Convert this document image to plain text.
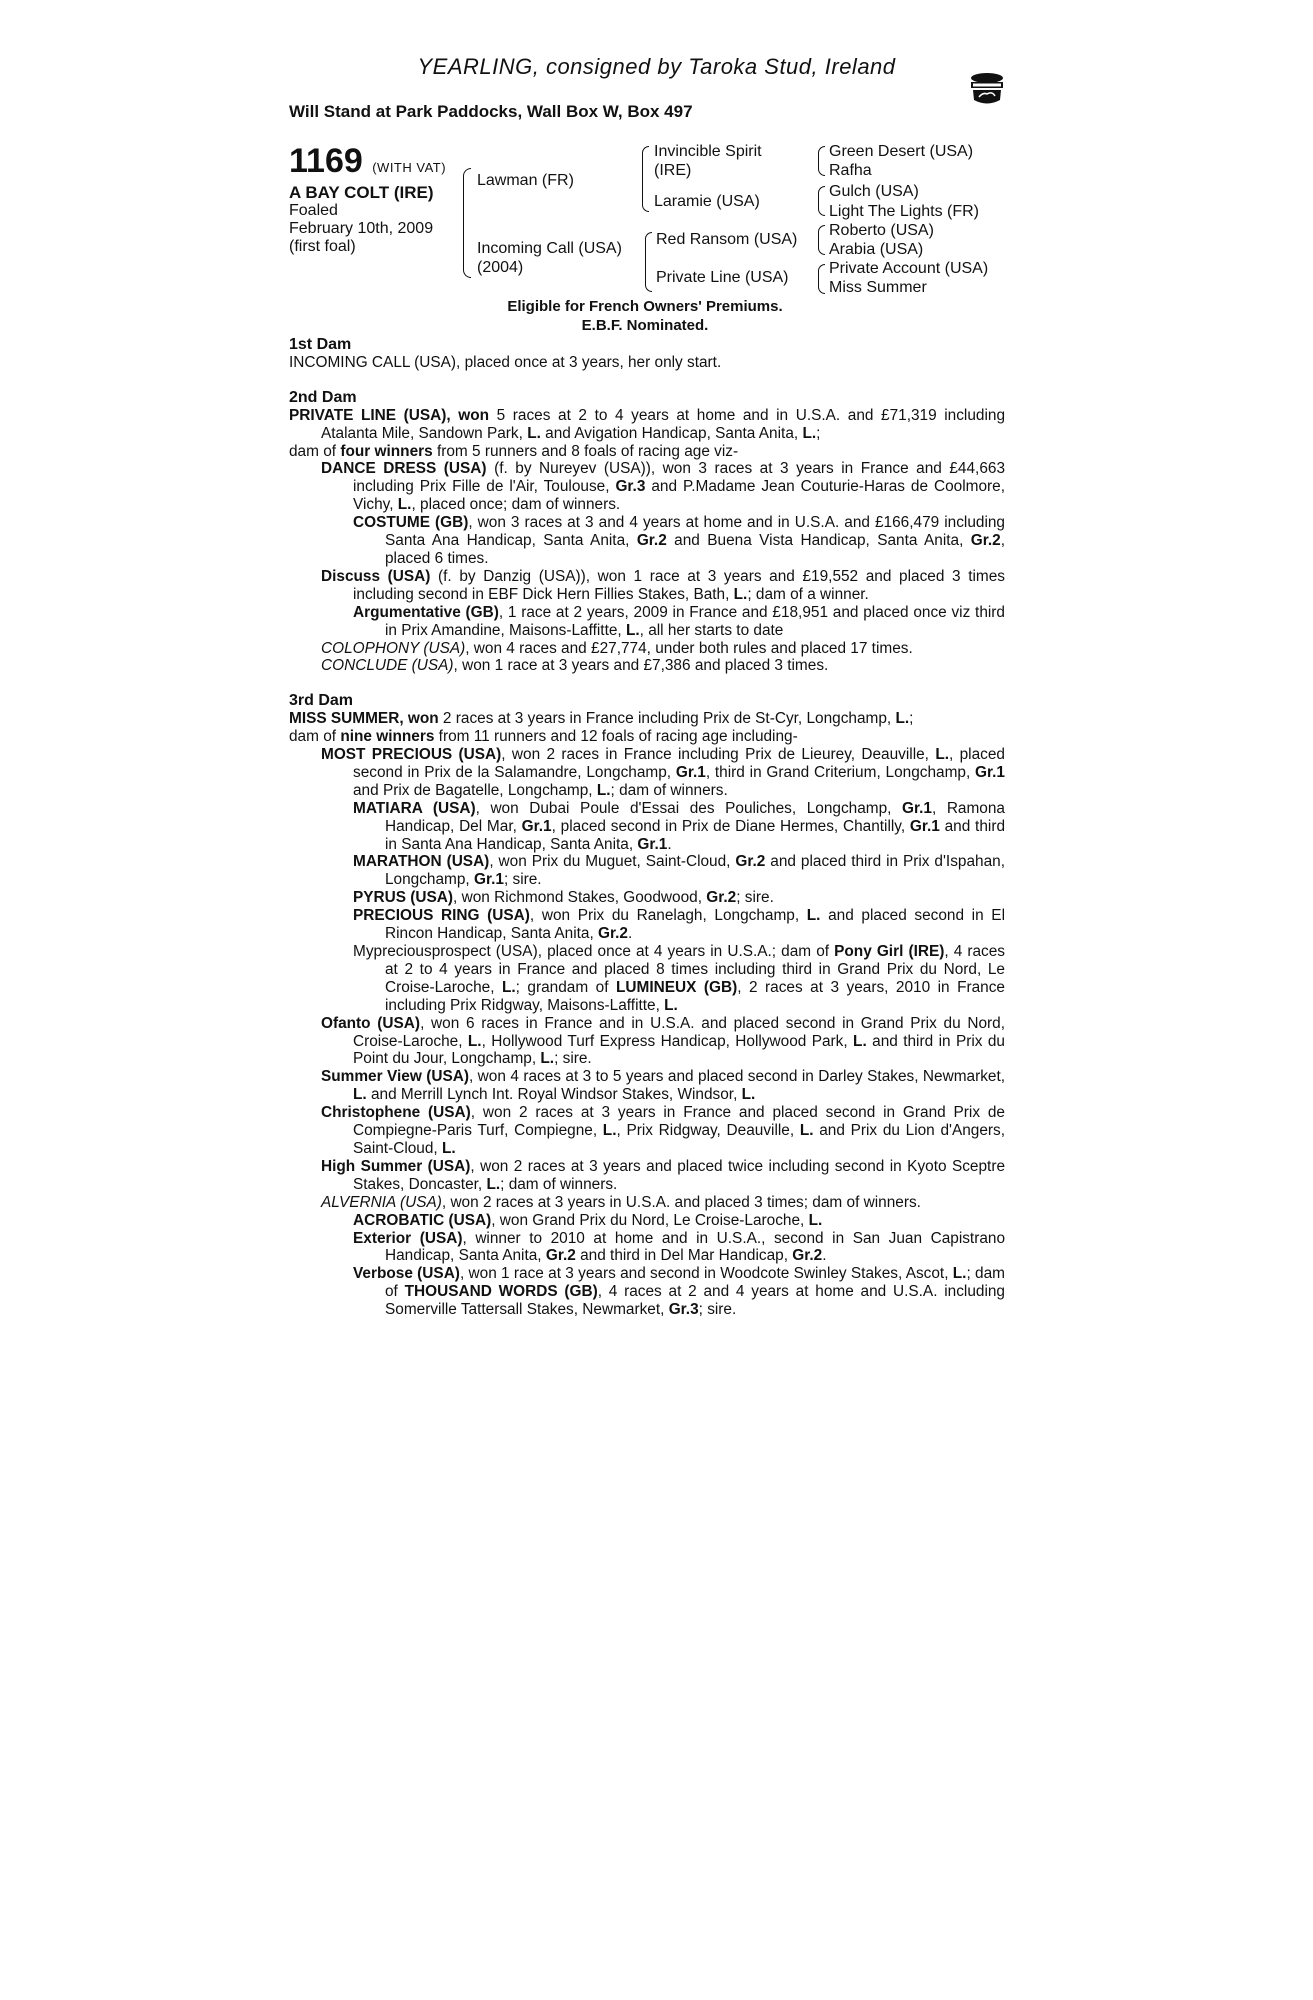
YEARLING, consigned by Taroka Stud, Ireland
Will Stand at Park Paddocks, Wall Box W, Box 497
1169 (WITH VAT)
A BAY COLT (IRE)
Foaled
February 10th, 2009
(first foal)
Lawman (FR)
Incoming Call (USA)
(2004)
Invincible Spirit
(IRE)
Laramie (USA)
Red Ransom (USA)
Private Line (USA)
Green Desert (USA)
Rafha
Gulch (USA)
Light The Lights (FR)
Roberto (USA)
Arabia (USA)
Private Account (USA)
Miss Summer
Eligible for French Owners' Premiums.
E.B.F. Nominated.

1st Dam

INCOMING CALL (USA), placed once at 3 years, her only start.

2nd Dam

PRIVATE LINE (USA), won 5 races at 2 to 4 years at home and in U.S.A. and £71,319 including Atalanta Mile, Sandown Park, L. and Avigation Handicap, Santa Anita, L.;

dam of four winners from 5 runners and 8 foals of racing age viz-

DANCE DRESS (USA) (f. by Nureyev (USA)), won 3 races at 3 years in France and £44,663 including Prix Fille de l'Air, Toulouse, Gr.3 and P.Madame Jean Couturie-Haras de Coolmore, Vichy, L., placed once; dam of winners.

COSTUME (GB), won 3 races at 3 and 4 years at home and in U.S.A. and £166,479 including Santa Ana Handicap, Santa Anita, Gr.2 and Buena Vista Handicap, Santa Anita, Gr.2, placed 6 times.

Discuss (USA) (f. by Danzig (USA)), won 1 race at 3 years and £19,552 and placed 3 times including second in EBF Dick Hern Fillies Stakes, Bath, L.; dam of a winner.

Argumentative (GB), 1 race at 2 years, 2009 in France and £18,951 and placed once viz third in Prix Amandine, Maisons-Laffitte, L., all her starts to date

COLOPHONY (USA), won 4 races and £27,774, under both rules and placed 17 times.

CONCLUDE (USA), won 1 race at 3 years and £7,386 and placed 3 times.

3rd Dam

MISS SUMMER, won 2 races at 3 years in France including Prix de St-Cyr, Longchamp, L.;

dam of nine winners from 11 runners and 12 foals of racing age including-

MOST PRECIOUS (USA), won 2 races in France including Prix de Lieurey, Deauville, L., placed second in Prix de la Salamandre, Longchamp, Gr.1, third in Grand Criterium, Longchamp, Gr.1 and Prix de Bagatelle, Longchamp, L.; dam of winners.

MATIARA (USA), won Dubai Poule d'Essai des Pouliches, Longchamp, Gr.1, Ramona Handicap, Del Mar, Gr.1, placed second in Prix de Diane Hermes, Chantilly, Gr.1 and third in Santa Ana Handicap, Santa Anita, Gr.1.

MARATHON (USA), won Prix du Muguet, Saint-Cloud, Gr.2 and placed third in Prix d'Ispahan, Longchamp, Gr.1; sire.

PYRUS (USA), won Richmond Stakes, Goodwood, Gr.2; sire.

PRECIOUS RING (USA), won Prix du Ranelagh, Longchamp, L. and placed second in El Rincon Handicap, Santa Anita, Gr.2.

Mypreciousprospect (USA), placed once at 4 years in U.S.A.; dam of Pony Girl (IRE), 4 races at 2 to 4 years in France and placed 8 times including third in Grand Prix du Nord, Le Croise-Laroche, L.; grandam of LUMINEUX (GB), 2 races at 3 years, 2010 in France including Prix Ridgway, Maisons-Laffitte, L.

Ofanto (USA), won 6 races in France and in U.S.A. and placed second in Grand Prix du Nord, Croise-Laroche, L., Hollywood Turf Express Handicap, Hollywood Park, L. and third in Prix du Point du Jour, Longchamp, L.; sire.

Summer View (USA), won 4 races at 3 to 5 years and placed second in Darley Stakes, Newmarket, L. and Merrill Lynch Int. Royal Windsor Stakes, Windsor, L.

Christophene (USA), won 2 races at 3 years in France and placed second in Grand Prix de Compiegne-Paris Turf, Compiegne, L., Prix Ridgway, Deauville, L. and Prix du Lion d'Angers, Saint-Cloud, L.

High Summer (USA), won 2 races at 3 years and placed twice including second in Kyoto Sceptre Stakes, Doncaster, L.; dam of winners.

ALVERNIA (USA), won 2 races at 3 years in U.S.A. and placed 3 times; dam of winners.

ACROBATIC (USA), won Grand Prix du Nord, Le Croise-Laroche, L.

Exterior (USA), winner to 2010 at home and in U.S.A., second in San Juan Capistrano Handicap, Santa Anita, Gr.2 and third in Del Mar Handicap, Gr.2.

Verbose (USA), won 1 race at 3 years and second in Woodcote Swinley Stakes, Ascot, L.; dam of THOUSAND WORDS (GB), 4 races at 2 and 4 years at home and U.S.A. including Somerville Tattersall Stakes, Newmarket, Gr.3; sire.
